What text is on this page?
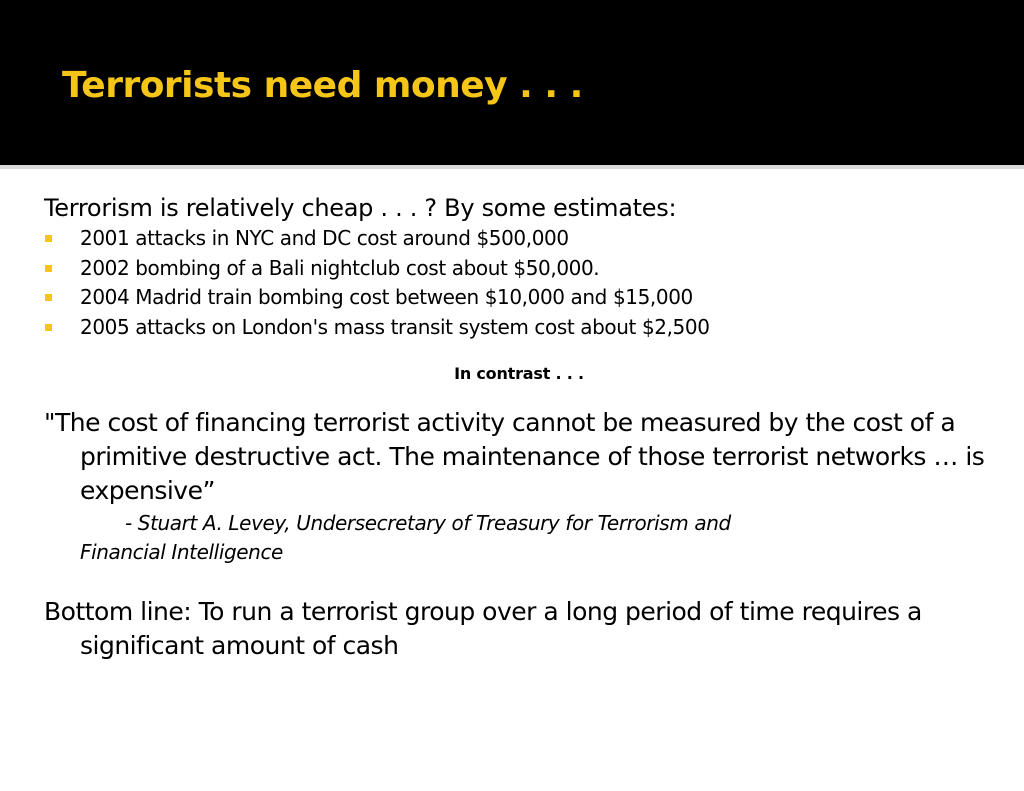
Terrorists need money . . .

Terrorism is relatively cheap . . . ? By some estimates:

2001 attacks in NYC and DC cost around $500,000
2002 bombing of a Bali nightclub cost about $50,000.
2004 Madrid train bombing cost between $10,000 and $15,000
2005 attacks on London's mass transit system cost about $2,500

In contrast . . .

"The cost of financing terrorist activity cannot be measured by the cost of a primitive destructive act. The maintenance of those terrorist networks … is expensive”

- Stuart A. Levey, Undersecretary of Treasury for Terrorism and
Financial Intelligence

Bottom line: To run a terrorist group over a long period of time requires a significant amount of cash
